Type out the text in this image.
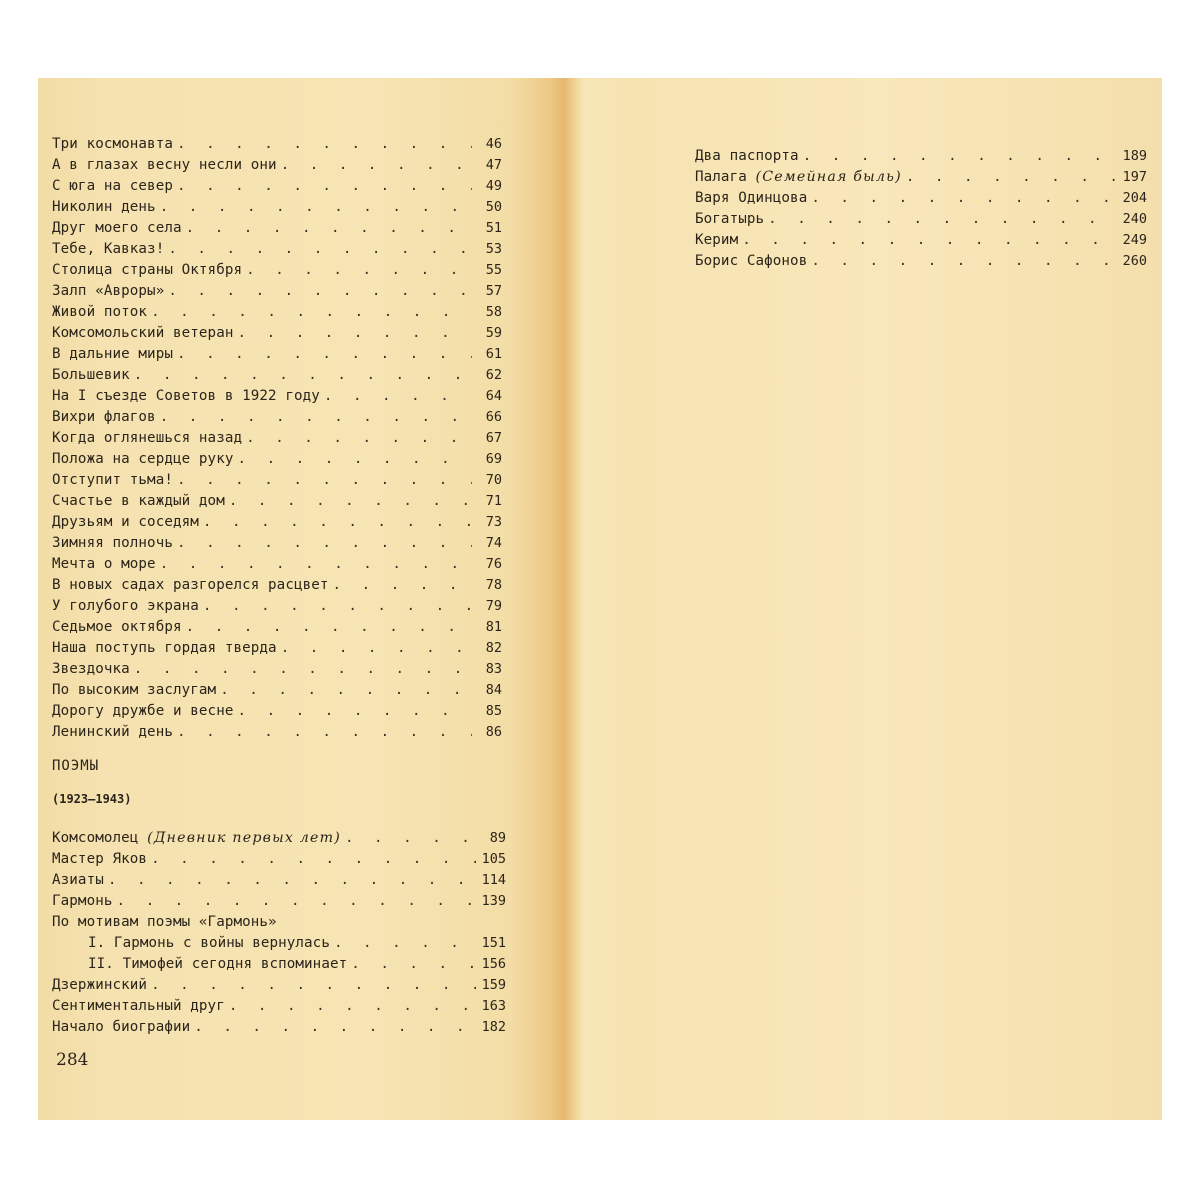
Три космонавта . . .	46
А в глазах весну несли они . . .	47
С юга на север . . .	49
Николин день . . .	50
Друг моего села . . .	51
Тебе, Кавказ! . . .	53
Столица страны Октября . . .	55
Залп «Авроры» . . .	57
Живой поток . . .	58
Комсомольский ветеран . . .	59
В дальние миры . . .	61
Большевик . . .	62
На I съезде Советов в 1922 году . . .	64
Вихри флагов . . .	66
Когда оглянешься назад . . .	67
Положа на сердце руку . . .	69
Отступит тьма! . . .	70
Счастье в каждый дом . . .	71
Друзьям и соседям . . .	73
Зимняя полночь . . .	74
Мечта о море . . .	76
В новых садах разгорелся расцвет . . .	78
У голубого экрана . . .	79
Седьмое октября . . .	81
Наша поступь гордая тверда . . .	82
Звездочка . . .	83
По высоким заслугам . . .	84
Дорогу дружбе и весне . . .	85
Ленинский день . . .	86
ПОЭМЫ
(1923—1943)
Комсомолец (Дневник первых лет) . . .	89
Мастер Яков . . .	105
Азиаты . . .	114
Гармонь . . .	139
По мотивам поэмы «Гармонь»
I. Гармонь с войны вернулась . . .	151
II. Тимофей сегодня вспоминает . . .	156
Дзержинский . . .	159
Сентиментальный друг . . .	163
Начало биографии . . .	182
284
Два паспорта . . .	189
Палага (Семейная быль) . . .	197
Варя Одинцова . . .	204
Богатырь . . .	240
Керим . . .	249
Борис Сафонов . . .	260
